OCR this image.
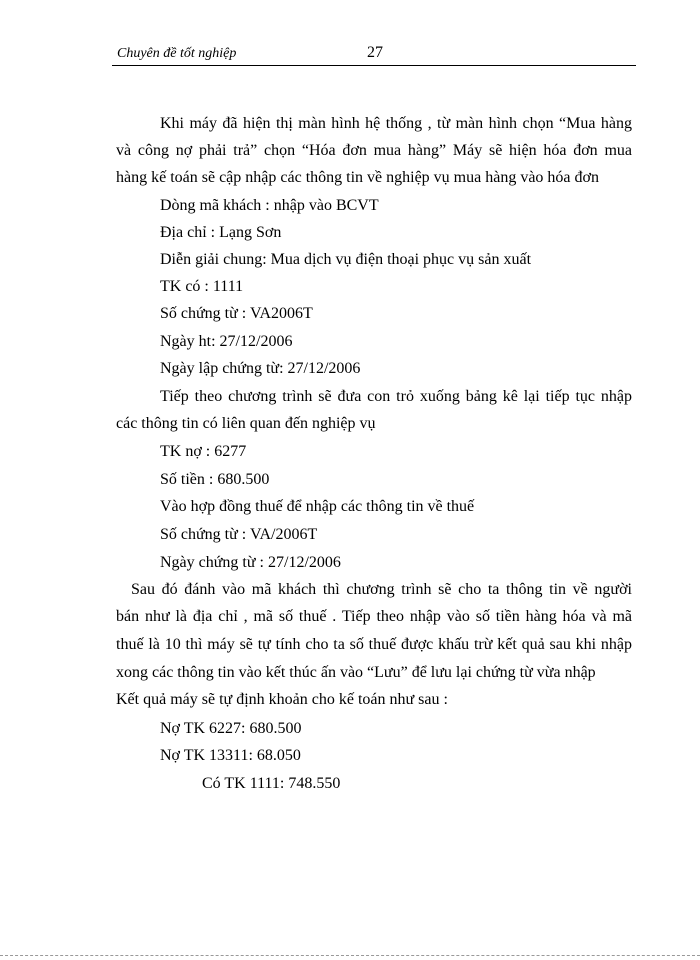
Chuyên đề tốt nghiệp	27
Khi máy đã hiện thị màn hình hệ thống , từ màn hình chọn “Mua hàng
và công nợ phải trả” chọn “Hóa đơn mua hàng” Máy sẽ hiện hóa đơn mua
hàng kế toán sẽ cập nhập các thông tin về nghiệp vụ mua hàng vào hóa đơn
Dòng mã khách : nhập vào BCVT
Địa chỉ : Lạng Sơn
Diễn giải chung: Mua dịch vụ điện thoại phục vụ sản xuất
TK có : 1111
Số chứng từ : VA2006T
Ngày ht: 27/12/2006
Ngày lập chứng từ: 27/12/2006
Tiếp theo chương trình sẽ đưa con trỏ xuống bảng kê lại tiếp tục nhập
các thông tin có liên quan đến nghiệp vụ
TK nợ : 6277
Số tiền : 680.500
Vào hợp đồng thuế để nhập các thông tin về thuế
Số chứng từ : VA/2006T
Ngày chứng từ : 27/12/2006
Sau đó đánh vào mã khách thì chương trình sẽ cho ta thông tin về người
bán như là địa chỉ , mã số thuế . Tiếp theo nhập vào số tiền hàng hóa và mã
thuế là 10 thì máy sẽ tự tính cho ta số thuế được khấu trừ kết quả sau khi nhập
xong các thông tin vào kết thúc ấn vào “Lưu” để lưu lại chứng từ vừa nhập
Kết quả máy sẽ tự định khoản cho kế toán như sau :
Nợ TK 6227: 680.500
Nợ TK 13311: 68.050
Có TK 1111: 748.550
